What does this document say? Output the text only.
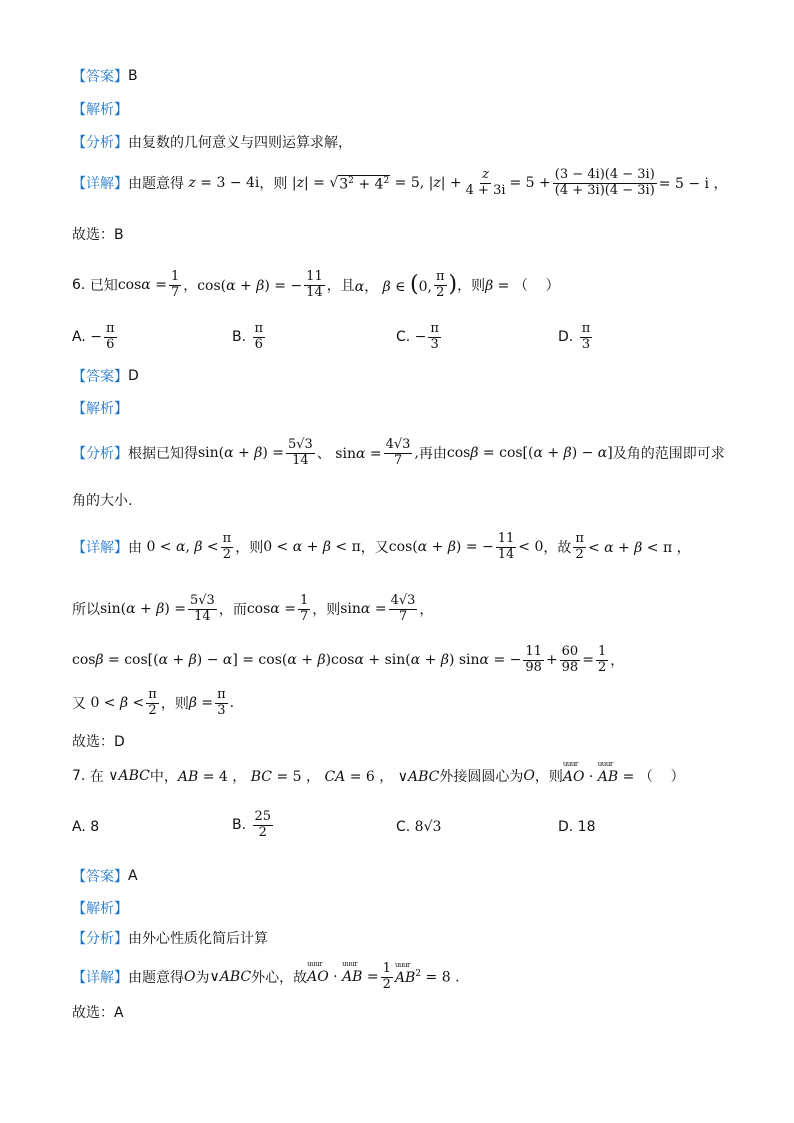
【答案】 B
【解析】
【分析】 由复数的几何意义与四则运算求解，
【详解】 由题意得 z = 3 − 4i ，则 |z| = √ $3^2 + 4^2 = 5$, $|z| + \frac{z}{4 + 3i} = 5 + \frac{(3 - 4i)(4 - 3i)}{(4 + 3i)(4 - 3i)} = 5 - i$ ，
故选：B
6.
已知 $\cos\alpha = \frac{1}{7}$ ，cos(α + β) = − $\frac{11}{14}$ ， 且 α， β ∈ (0, $\frac{\pi}{2}$ ) ，则 β = （    ）
A. − $\frac{\pi}{6}$	B.
$\frac{\pi}{6}$	C. − $\frac{\pi}{3}$	D.
$\frac{\pi}{3}$
【答案】 D
【解析】
【分析】 根据已知得 $\sin(\alpha + \beta) = \frac{5√3}{14}$ 、 $\sin\alpha = \frac{4√3}{7}$ , 再由 cosβ = cos[(α + β) − α] 及角的范围即可求
角的大小.
【详解】 由 0 < α, $\beta < \frac{\pi}{2}$ ，则 0 < α + β < π ，又 cos(α + β) = − $\frac{11}{14} < 0$ ，故 $\frac{\pi}{2} < \alpha + \beta < \pi$ ，
所以 $\sin(\alpha + \beta) = \frac{5√3}{14}$ ，而 $\cos\alpha = \frac{1}{7}$ ，则 $\sin\alpha = \frac{4√3}{7}$ ，
cosβ = cos[(α + β) − α] = cos(α + β)cosα + sin(α + β) sinα = − $\frac{11}{98} + \frac{60}{98} = \frac{1}{2}$ ，
又 $0 < \beta < \frac{\pi}{2}$ ，则 $\beta = \frac{\pi}{3}$ .
故选：D
7.
在 ∨ABC 中， AB = 4 ， BC = 5 ， CA = 6 ， ∨ABC 外接圆圆心为 O ，则 uuur AO · uuur AB = （    ）
A. 8	B.
$\frac{25}{2}$	C. 8√3	D. 18
【答案】 A
【解析】
【分析】 由外心性质化简后计算
【详解】 由题意得 O 为 ∨ABC 外心，故 uuur AO · uuur AB = $\frac{1}{2}$ uuur $AB^2 = 8$ .
故选：A
